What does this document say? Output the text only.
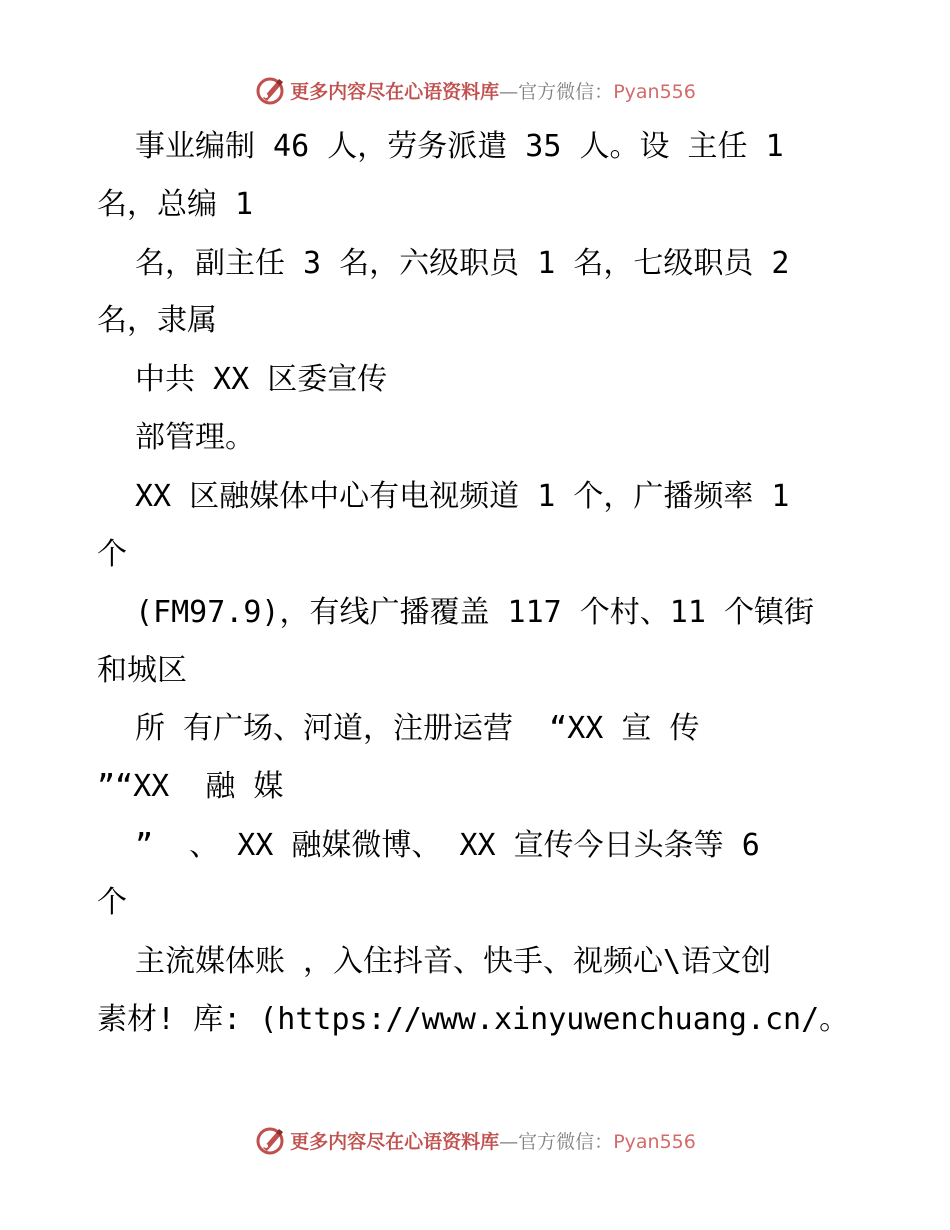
更多内容尽在心语资料库—官方微信：Pyan556
事业编制 46 人，劳务派遣 35 人。设 主任 1
名，总编 1
名，副主任 3 名，六级职员 1 名，七级职员 2
名，隶属
中共 XX 区委宣传
部管理。
XX 区融媒体中心有电视频道 1 个，广播频率 1
个
(FM97.9)，有线广播覆盖 117 个村、11 个镇街
和城区
所 有广场、河道，注册运营  “XX 宣 传
”“XX  融 媒
”  、 XX 融媒微博、 XX 宣传今日头条等 6
个
主流媒体账 ，入住抖音、快手、视频心\语文创
素材! 库: (https://www.xinyuwenchuang.cn/。
更多内容尽在心语资料库—官方微信：Pyan556
